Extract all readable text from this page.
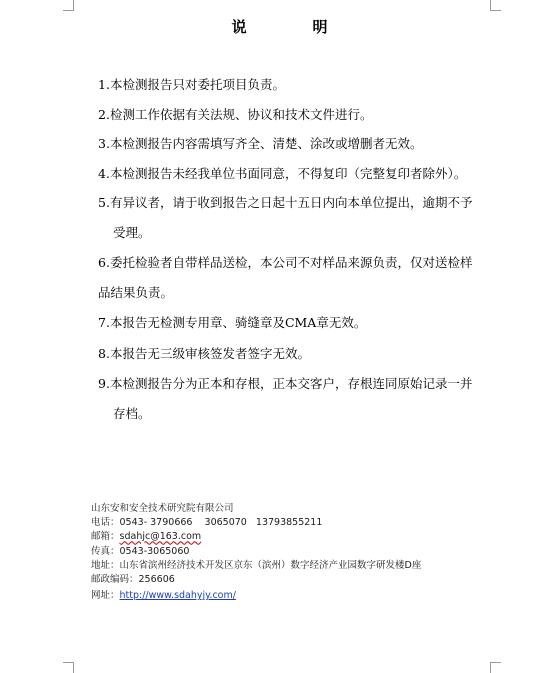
说	明
1.本检测报告只对委托项目负责。
2.检测工作依据有关法规、协议和技术文件进行。
3.本检测报告内容需填写齐全、清楚、涂改或增删者无效。
4.本检测报告未经我单位书面同意，不得复印（完整复印者除外）。
5.有异议者，请于收到报告之日起十五日内向本单位提出，逾期不予
受理。
6.委托检验者自带样品送检，本公司不对样品来源负责，仅对送检样
品结果负责。
7.本报告无检测专用章、骑缝章及CMA章无效。
8.本报告无三级审核签发者签字无效。
9.本检测报告分为正本和存根，正本交客户，存根连同原始记录一并
存档。
山东安和安全技术研究院有限公司
电话：0543- 3790666    3065070   13793855211
邮箱：sdahjc@163.com
传真：0543-3065060
地址：山东省滨州经济技术开发区京东（滨州）数字经济产业园数字研发楼D座
邮政编码：256606
网址：http://www.sdahyjy.com/
